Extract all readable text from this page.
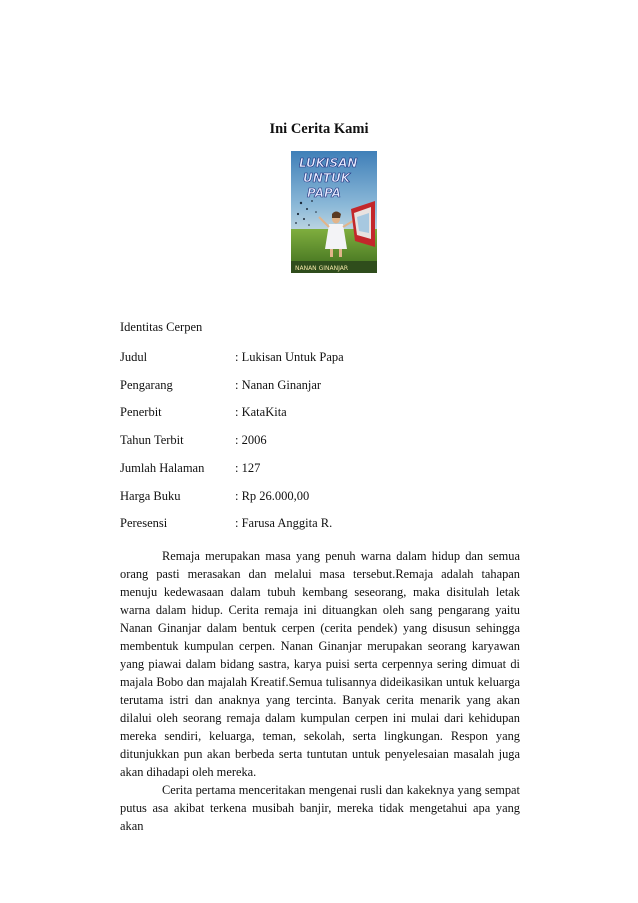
Ini Cerita Kami
LUKISAN
UNTUK
PAPA
NANAN GINANJAR
Identitas Cerpen
Judul	: Lukisan Untuk Papa
Pengarang	: Nanan Ginanjar
Penerbit	: KataKita
Tahun Terbit	: 2006
Jumlah Halaman : 127
Harga Buku	: Rp 26.000,00
Peresensi	: Farusa Anggita R.

Remaja merupakan masa yang penuh warna dalam hidup dan semua orang pasti merasakan dan melalui masa tersebut.Remaja adalah tahapan menuju kedewasaan dalam tubuh kembang seseorang, maka disitulah letak warna dalam hidup. Cerita remaja ini dituangkan oleh sang pengarang yaitu Nanan Ginanjar dalam bentuk cerpen (cerita pendek) yang disusun sehingga membentuk kumpulan cerpen. Nanan Ginanjar merupakan seorang karyawan yang piawai dalam bidang sastra, karya puisi serta cerpennya sering dimuat di majala Bobo dan majalah Kreatif.Semua tulisannya dideikasikan untuk keluarga terutama istri dan anaknya yang tercinta. Banyak cerita menarik yang akan dilalui oleh seorang remaja dalam kumpulan cerpen ini mulai dari kehidupan mereka sendiri, keluarga, teman, sekolah, serta lingkungan. Respon yang ditunjukkan pun akan berbeda serta tuntutan untuk penyelesaian masalah juga akan dihadapi oleh mereka.

Cerita pertama menceritakan mengenai rusli dan kakeknya yang sempat putus asa akibat terkena musibah banjir, mereka tidak mengetahui apa yang akan
